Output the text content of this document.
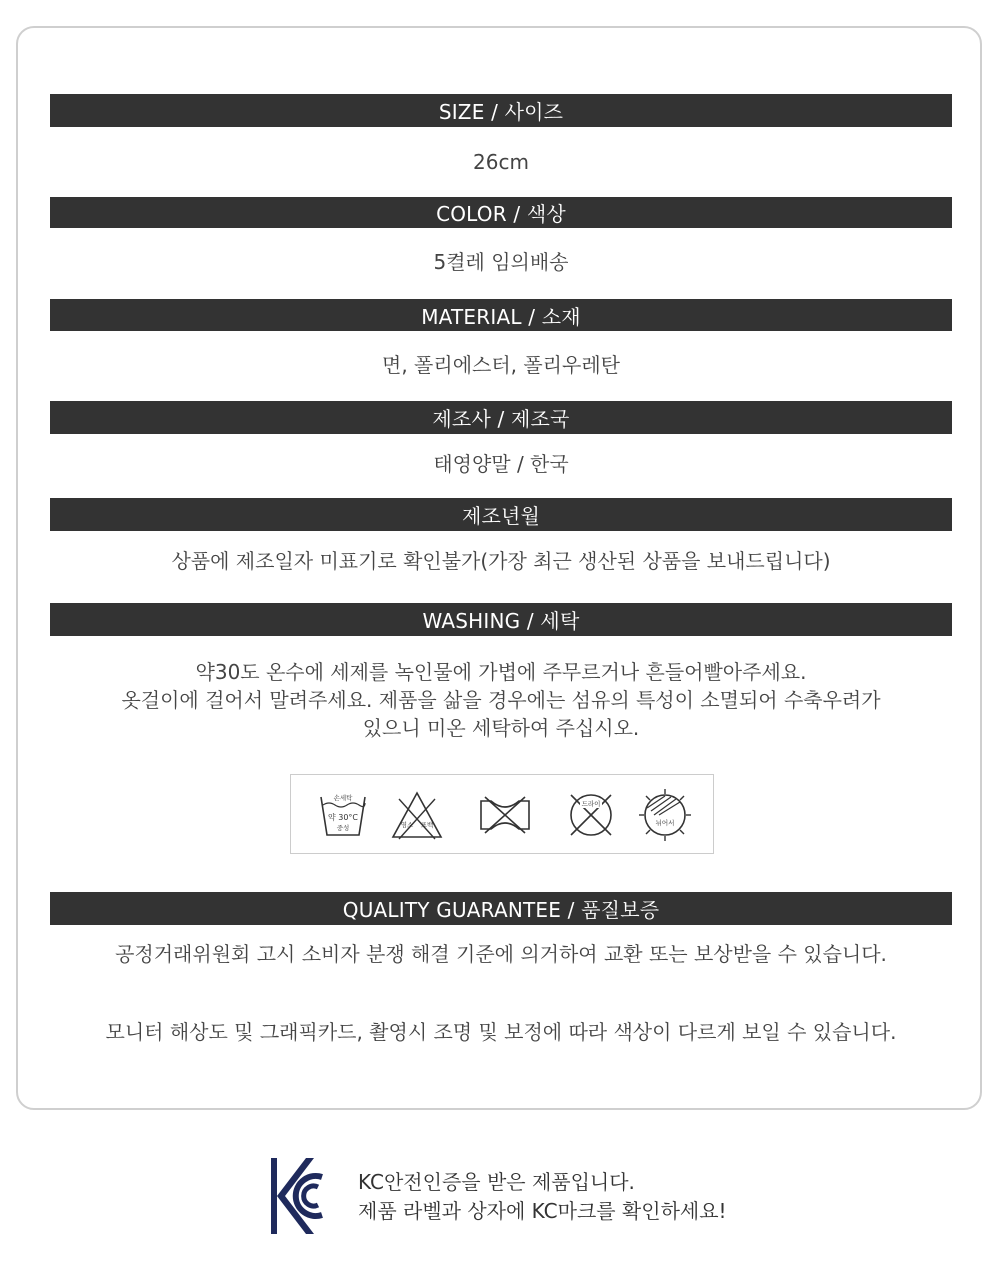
SIZE / 사이즈
26cm
COLOR / 색상
5켤레 임의배송
MATERIAL / 소재
면, 폴리에스터, 폴리우레탄
제조사 / 제조국
태영양말 / 한국
제조년월
상품에 제조일자 미표기로 확인불가(가장 최근 생산된 상품을 보내드립니다)
WASHING / 세탁
약30도 온수에 세제를 녹인물에 가볍에 주무르거나 흔들어빨아주세요.
옷걸이에 걸어서 말려주세요. 제품을 삶을 경우에는 섬유의 특성이 소멸되어 수축우려가
있으니 미온 세탁하여 주십시오.
손세탁
약 30°C
중성	염소 표백
드라이
뉘어서
QUALITY GUARANTEE / 품질보증
공정거래위원회 고시 소비자 분쟁 해결 기준에 의거하여 교환 또는 보상받을 수 있습니다.
모니터 해상도 및 그래픽카드, 촬영시 조명 및 보정에 따라 색상이 다르게 보일 수 있습니다.
KC안전인증을 받은 제품입니다.
제품 라벨과 상자에 KC마크를 확인하세요!
